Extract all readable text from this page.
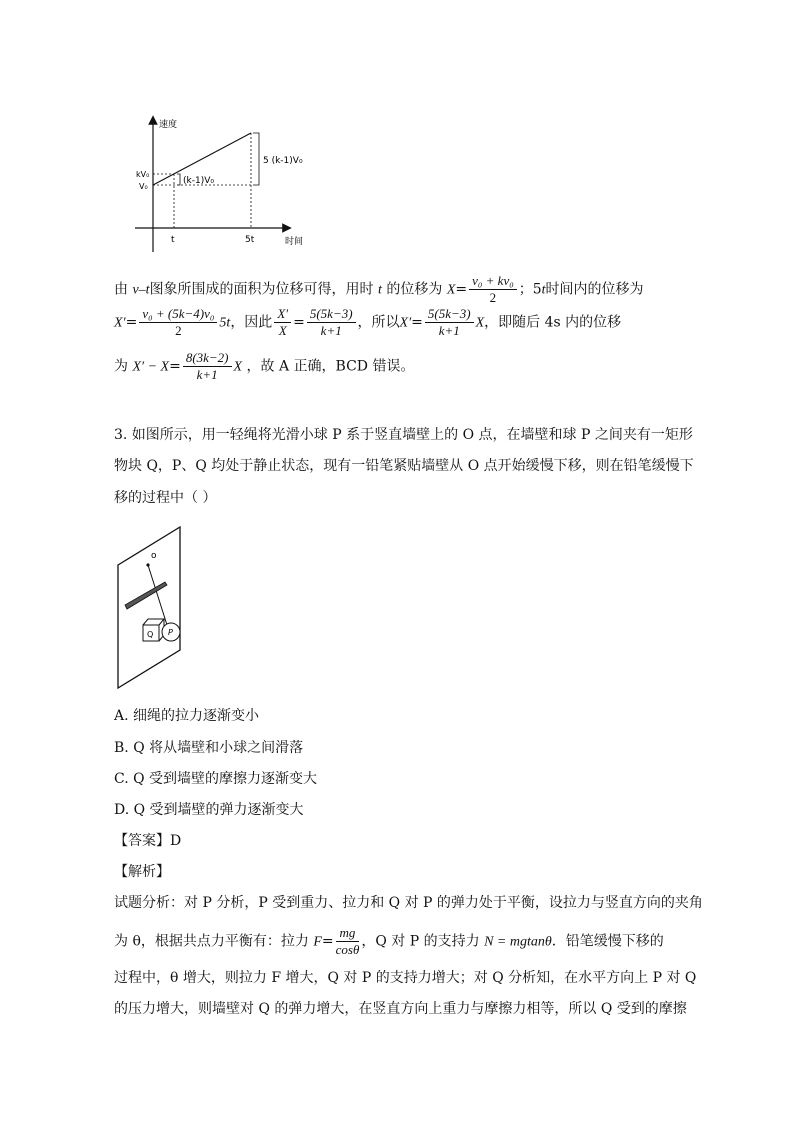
速度
时间
(k-1)V₀
5 (k-1)V₀
kV₀
V₀
t	5t
由 v–t图象所围成的面积为位移可得，用时 t 的位移为 $X= \frac{\text{v₀ + kv₀}}{2}$ ；5t时间内的位移为
$X'= \frac{\text{v₀ + (5k−4)v₀}}{2} 5t$，因此 $\frac{X'}{X} = \frac{5(5k-3)}{k+1}$ ，所以$X'= \frac{5(5k-3)}{k+1}$ X，即随后 4s 内的位移
为 $X' - X= \frac{8(3k-2)}{k+1}$ X ，故 A 正确，BCD 错误。
3. 如图所示，用一轻绳将光滑小球 P 系于竖直墙壁上的 O 点，在墙壁和球 P 之间夹有一矩形
物块 Q，P、Q 均处于静止状态，现有一铅笔紧贴墙壁从 O 点开始缓慢下移，则在铅笔缓慢下
移的过程中（ ）
o
Q P
A. 细绳的拉力逐渐变小
B. Q 将从墙壁和小球之间滑落
C. Q 受到墙壁的摩擦力逐渐变大
D. Q 受到墙壁的弹力逐渐变大
【答案】D
【解析】
试题分析：对 P 分析，P 受到重力、拉力和 Q 对 P 的弹力处于平衡，设拉力与竖直方向的夹角
为 θ，根据共点力平衡有：拉力 $F= \frac{mg}{\cos\theta}$ ，Q 对 P 的支持力 N = mgtanθ．铅笔缓慢下移的
过程中，θ 增大，则拉力 F 增大，Q 对 P 的支持力增大；对 Q 分析知，在水平方向上 P 对 Q
的压力增大，则墙壁对 Q 的弹力增大，在竖直方向上重力与摩擦力相等，所以 Q 受到的摩擦
